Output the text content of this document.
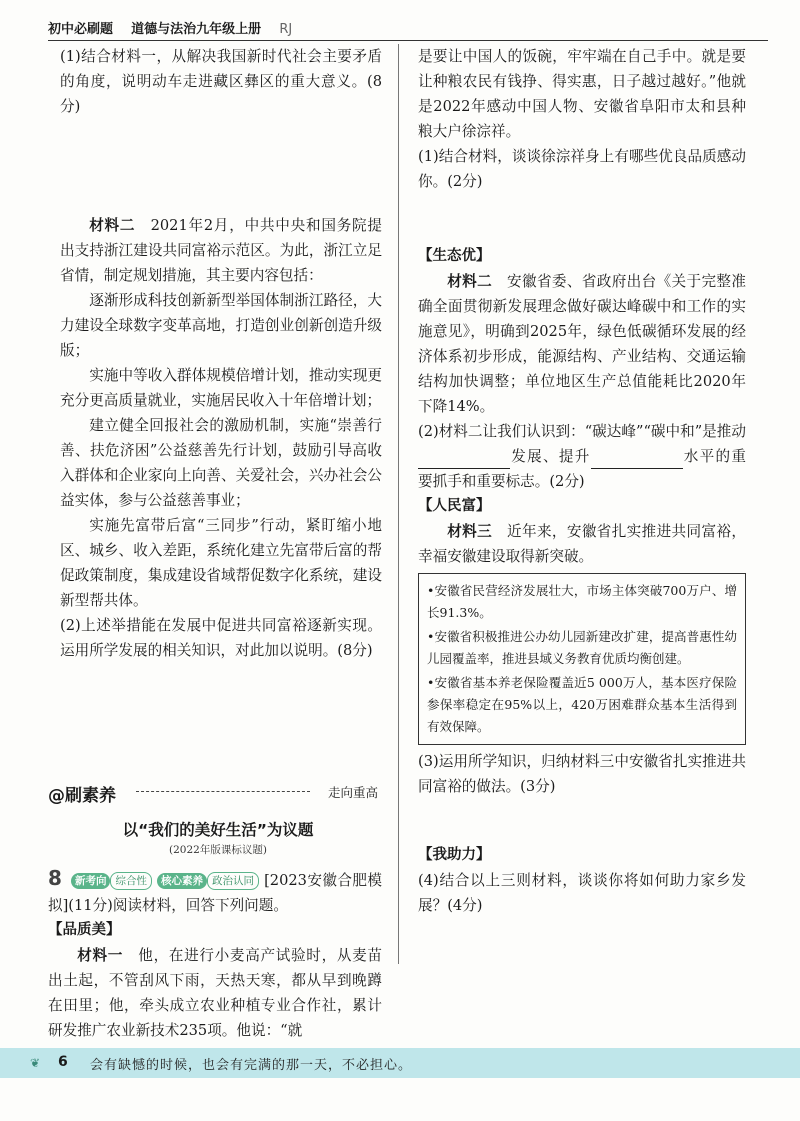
初中必刷题 道德与法治九年级上册 RJ

(1)结合材料一，从解决我国新时代社会主要矛盾的角度，说明动车走进藏区彝区的重大意义。(8分)

材料二　 2021年2月，中共中央和国务院提出支持浙江建设共同富裕示范区。为此，浙江立足省情，制定规划措施，其主要内容包括：

逐渐形成科技创新新型举国体制浙江路径，大力建设全球数字变革高地，打造创业创新创造升级版；

实施中等收入群体规模倍增计划，推动实现更充分更高质量就业，实施居民收入十年倍增计划；

建立健全回报社会的激励机制，实施“崇善行善、扶危济困”公益慈善先行计划，鼓励引导高收入群体和企业家向上向善、关爱社会，兴办社会公益实体，参与公益慈善事业；

实施先富带后富“三同步”行动，紧盯缩小地区、城乡、收入差距，系统化建立先富带后富的帮促政策制度，集成建设省域帮促数字化系统，建设新型帮共体。

(2)上述举措能在发展中促进共同富裕逐新实现。运用所学发展的相关知识，对此加以说明。(8分)

@刷素养	走向重高
以“我们的美好生活”为议题
(2022年版课标议题)

8 新考向 综合性 核心素养 政治认同 [2023安徽合肥模拟](11分)阅读材料，回答下列问题。

【品质美】

材料一　 他，在进行小麦高产试验时，从麦苗出土起，不管刮风下雨，天热天寒，都从早到晚蹲在田里；他，牵头成立农业种植专业合作社，累计研发推广农业新技术235项。他说：“就

是要让中国人的饭碗，牢牢端在自己手中。就是要让种粮农民有钱挣、得实惠，日子越过越好。”他就是2022年感动中国人物、安徽省阜阳市太和县种粮大户徐淙祥。

(1)结合材料，谈谈徐淙祥身上有哪些优良品质感动你。(2分)

【生态优】

材料二　 安徽省委、省政府出台《关于完整准确全面贯彻新发展理念做好碳达峰碳中和工作的实施意见》，明确到2025年，绿色低碳循环发展的经济体系初步形成，能源结构、产业结构、交通运输结构加快调整；单位地区生产总值能耗比2020年下降14%。

(2)材料二让我们认识到：“碳达峰”“碳中和”是推动发展、提升	水平的重要抓手和重要标志。(2分)

【人民富】

材料三　 近年来，安徽省扎实推进共同富裕，幸福安徽建设取得新突破。

•安徽省民营经济发展壮大，市场主体突破700万户、增长91.3%。

•安徽省积极推进公办幼儿园新建改扩建，提高普惠性幼儿园覆盖率，推进县域义务教育优质均衡创建。

•安徽省基本养老保险覆盖近5 000万人，基本医疗保险参保率稳定在95%以上，420万困难群众基本生活得到有效保障。

(3)运用所学知识，归纳材料三中安徽省扎实推进共同富裕的做法。(3分)

【我助力】

(4)结合以上三则材料，谈谈你将如何助力家乡发展？(4分)

❦ 6 会有缺憾的时候，也会有完满的那一天，不必担心。
